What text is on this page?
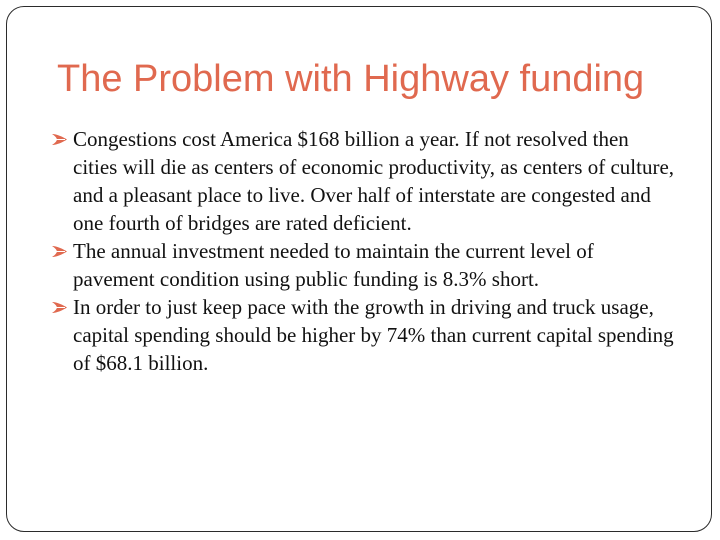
The Problem with Highway funding
Congestions cost America $168 billion a year. If not resolved then cities will die as centers of economic productivity, as centers of culture, and a pleasant place to live. Over half of interstate are congested and one fourth of bridges are rated deficient.
The annual investment needed to maintain the current level of pavement condition using public funding is 8.3% short.
In order to just keep pace with the growth in driving and truck usage, capital spending should be higher by 74% than current capital spending of $68.1 billion.
